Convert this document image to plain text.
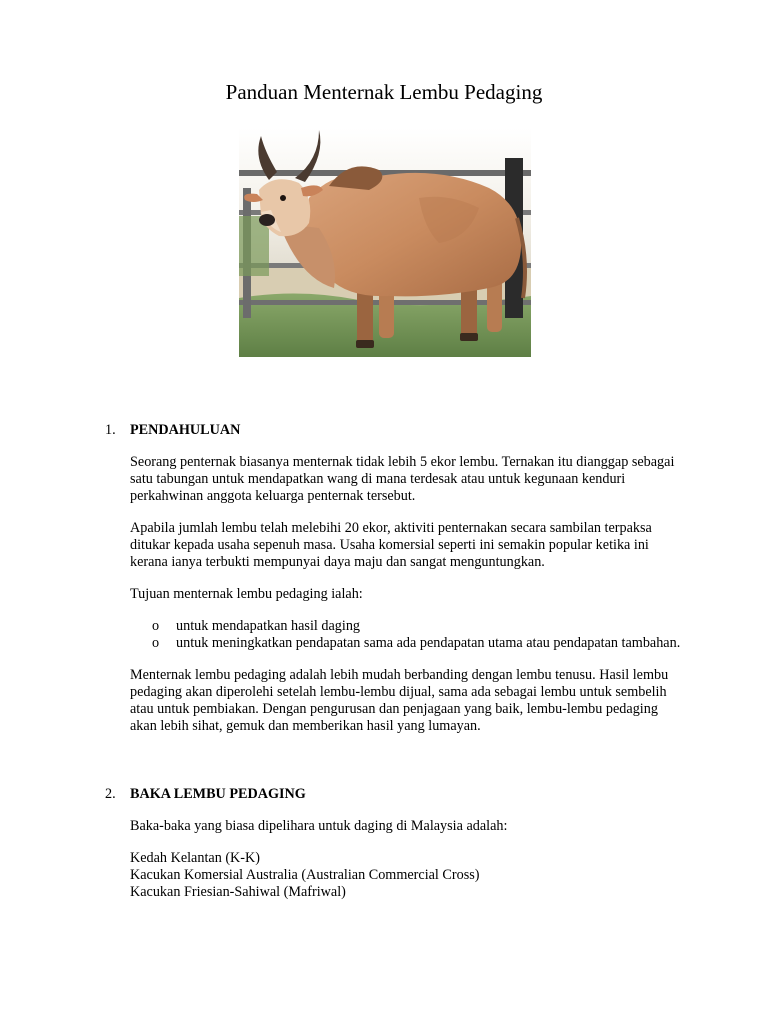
Panduan Menternak Lembu Pedaging
1.	PENDAHULUAN

Seorang penternak biasanya menternak tidak lebih 5 ekor lembu. Ternakan itu dianggap sebagai satu tabungan untuk mendapatkan wang di mana terdesak atau untuk kegunaan kenduri perkahwinan anggota keluarga penternak tersebut.

Apabila jumlah lembu telah melebihi 20 ekor, aktiviti penternakan secara sambilan terpaksa ditukar kepada usaha sepenuh masa. Usaha komersial seperti ini semakin popular ketika ini kerana ianya terbukti mempunyai daya maju dan sangat menguntungkan.

Tujuan menternak lembu pedaging ialah:

o untuk mendapatkan hasil daging
o untuk meningkatkan pendapatan sama ada pendapatan utama atau pendapatan tambahan.

Menternak lembu pedaging adalah lebih mudah berbanding dengan lembu tenusu. Hasil lembu pedaging akan diperolehi setelah lembu-lembu dijual, sama ada sebagai lembu untuk sembelih atau untuk pembiakan. Dengan pengurusan dan penjagaan yang baik, lembu-lembu pedaging akan lebih sihat, gemuk dan memberikan hasil yang lumayan.

2.	BAKA LEMBU PEDAGING

Baka-baka yang biasa dipelihara untuk daging di Malaysia adalah:

Kedah Kelantan (K-K)
Kacukan Komersial Australia (Australian Commercial Cross)
Kacukan Friesian-Sahiwal (Mafriwal)
